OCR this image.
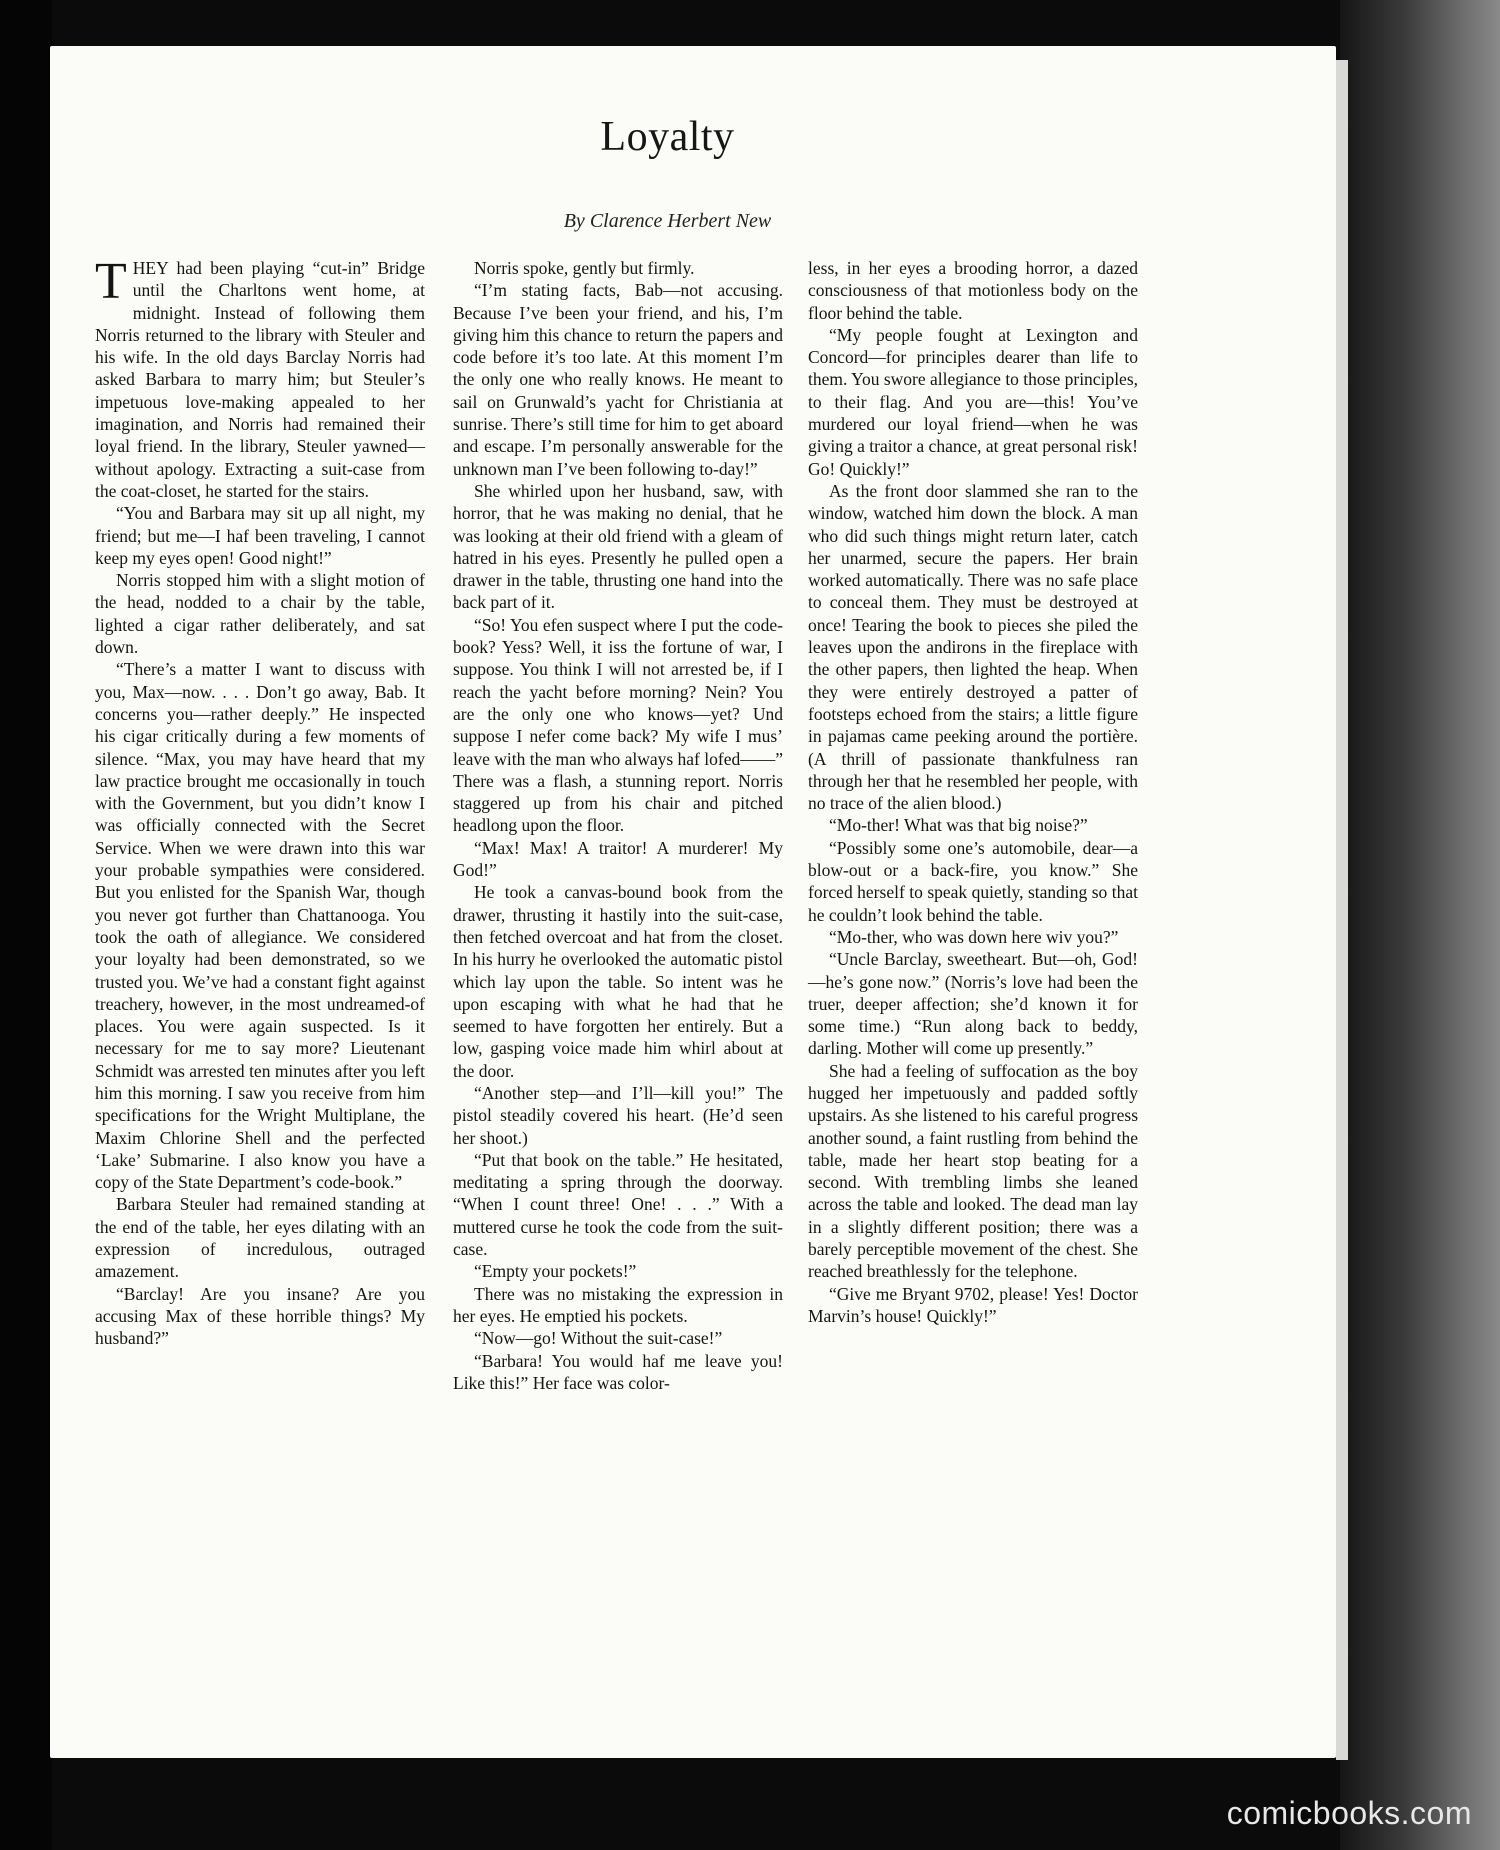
Loyalty
By Clarence Herbert New

THEY had been playing “cut-in” Bridge until the Charltons went home, at midnight. Instead of following them Norris returned to the library with Steuler and his wife. In the old days Barclay Norris had asked Barbara to marry him; but Steuler’s impetuous love-making appealed to her imagination, and Norris had remained their loyal friend. In the library, Steuler yawned—without apology. Extracting a suit-case from the coat-closet, he started for the stairs.

“You and Barbara may sit up all night, my friend; but me—I haf been traveling, I cannot keep my eyes open! Good night!”

Norris stopped him with a slight motion of the head, nodded to a chair by the table, lighted a cigar rather deliberately, and sat down.

“There’s a matter I want to discuss with you, Max—now. . . . Don’t go away, Bab. It concerns you—rather deeply.” He inspected his cigar critically during a few moments of silence. “Max, you may have heard that my law practice brought me occasionally in touch with the Government, but you didn’t know I was officially connected with the Secret Service. When we were drawn into this war your probable sympathies were considered. But you enlisted for the Spanish War, though you never got further than Chattanooga. You took the oath of allegiance. We considered your loyalty had been demonstrated, so we trusted you. We’ve had a constant fight against treachery, however, in the most undreamed-of places. You were again suspected. Is it necessary for me to say more? Lieutenant Schmidt was arrested ten minutes after you left him this morning. I saw you receive from him specifications for the Wright Multiplane, the Maxim Chlorine Shell and the perfected ‘Lake’ Submarine. I also know you have a copy of the State Department’s code-book.”

Barbara Steuler had remained standing at the end of the table, her eyes dilating with an expression of incredulous, outraged amazement.

“Barclay! Are you insane? Are you accusing Max of these horrible things? My husband?”

Norris spoke, gently but firmly.

“I’m stating facts, Bab—not accusing. Because I’ve been your friend, and his, I’m giving him this chance to return the papers and code before it’s too late. At this moment I’m the only one who really knows. He meant to sail on Grunwald’s yacht for Christiania at sunrise. There’s still time for him to get aboard and escape. I’m personally answerable for the unknown man I’ve been following to-day!”

She whirled upon her husband, saw, with horror, that he was making no denial, that he was looking at their old friend with a gleam of hatred in his eyes. Presently he pulled open a drawer in the table, thrusting one hand into the back part of it.

“So! You efen suspect where I put the code-book? Yess? Well, it iss the fortune of war, I suppose. You think I will not arrested be, if I reach the yacht before morning? Nein? You are the only one who knows—yet? Und suppose I nefer come back? My wife I mus’ leave with the man who always haf lofed——” There was a flash, a stunning report. Norris staggered up from his chair and pitched headlong upon the floor.

“Max! Max! A traitor! A murderer! My God!”

He took a canvas-bound book from the drawer, thrusting it hastily into the suit-case, then fetched overcoat and hat from the closet. In his hurry he overlooked the automatic pistol which lay upon the table. So intent was he upon escaping with what he had that he seemed to have forgotten her entirely. But a low, gasping voice made him whirl about at the door.

“Another step—and I’ll—kill you!” The pistol steadily covered his heart. (He’d seen her shoot.)

“Put that book on the table.” He hesitated, meditating a spring through the doorway. “When I count three! One! . . .” With a muttered curse he took the code from the suit-case.

“Empty your pockets!”

There was no mistaking the expression in her eyes. He emptied his pockets.

“Now—go! Without the suit-case!”

“Barbara! You would haf me leave you! Like this!” Her face was color-

less, in her eyes a brooding horror, a dazed consciousness of that motionless body on the floor behind the table.

“My people fought at Lexington and Concord—for principles dearer than life to them. You swore allegiance to those principles, to their flag. And you are—this! You’ve murdered our loyal friend—when he was giving a traitor a chance, at great personal risk! Go! Quickly!”

As the front door slammed she ran to the window, watched him down the block. A man who did such things might return later, catch her unarmed, secure the papers. Her brain worked automatically. There was no safe place to conceal them. They must be destroyed at once! Tearing the book to pieces she piled the leaves upon the andirons in the fireplace with the other papers, then lighted the heap. When they were entirely destroyed a patter of footsteps echoed from the stairs; a little figure in pajamas came peeking around the portière. (A thrill of passionate thankfulness ran through her that he resembled her people, with no trace of the alien blood.)

“Mo-ther! What was that big noise?”

“Possibly some one’s automobile, dear—a blow-out or a back-fire, you know.” She forced herself to speak quietly, standing so that he couldn’t look behind the table.

“Mo-ther, who was down here wiv you?”

“Uncle Barclay, sweetheart. But—oh, God!—he’s gone now.” (Norris’s love had been the truer, deeper affection; she’d known it for some time.) “Run along back to beddy, darling. Mother will come up presently.”

She had a feeling of suffocation as the boy hugged her impetuously and padded softly upstairs. As she listened to his careful progress another sound, a faint rustling from behind the table, made her heart stop beating for a second. With trembling limbs she leaned across the table and looked. The dead man lay in a slightly different position; there was a barely perceptible movement of the chest. She reached breathlessly for the telephone.

“Give me Bryant 9702, please! Yes! Doctor Marvin’s house! Quickly!”

comicbooks.com
